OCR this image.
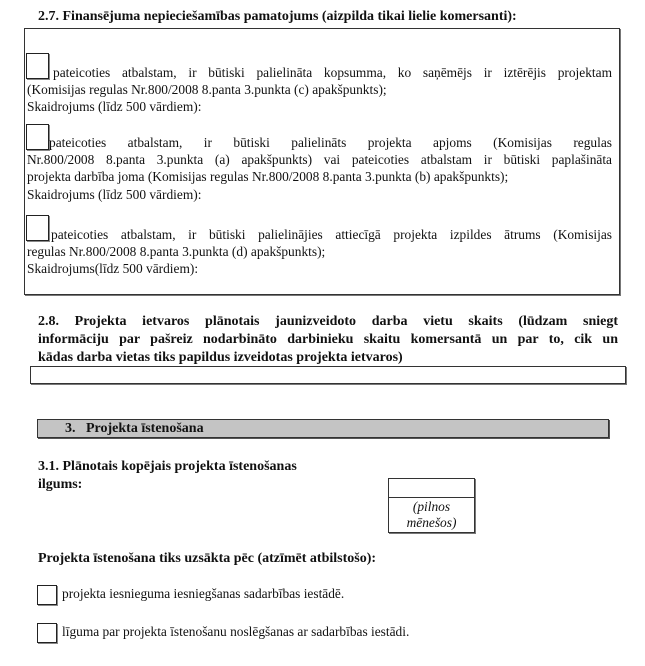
2.7. Finansējuma nepieciešamības pamatojums (aizpilda tikai lielie komersanti):
pateicoties atbalstam, ir būtiski palielināta kopsumma, ko saņēmējs ir iztērējis projektam
(Komisijas regulas Nr.800/2008 8.panta 3.punkta (c) apakšpunkts);
Skaidrojums (līdz 500 vārdiem):
pateicoties atbalstam, ir būtiski palielināts projekta apjoms (Komisijas regulas
Nr.800/2008 8.panta 3.punkta (a) apakšpunkts) vai pateicoties atbalstam ir būtiski paplašināta
projekta darbība joma (Komisijas regulas Nr.800/2008 8.panta 3.punkta (b) apakšpunkts);
Skaidrojums (līdz 500 vārdiem):
pateicoties atbalstam, ir būtiski palielinājies attiecīgā projekta izpildes ātrums (Komisijas
regulas Nr.800/2008 8.panta 3.punkta (d) apakšpunkts);
Skaidrojums(līdz 500 vārdiem):
2.8. Projekta ietvaros plānotais jaunizveidoto darba vietu skaits (lūdzam sniegt
informāciju par pašreiz nodarbināto darbinieku skaitu komersantā un par to, cik un
kādas darba vietas tiks papildus izveidotas projekta ietvaros)
3.   Projekta īstenošana
3.1. Plānotais kopējais projekta īstenošanas
ilgums:
(pilnos
mēnešos)
Projekta īstenošana tiks uzsākta pēc (atzīmēt atbilstošo):
projekta iesnieguma iesniegšanas sadarbības iestādē.
līguma par projekta īstenošanu noslēgšanas ar sadarbības iestādi.
